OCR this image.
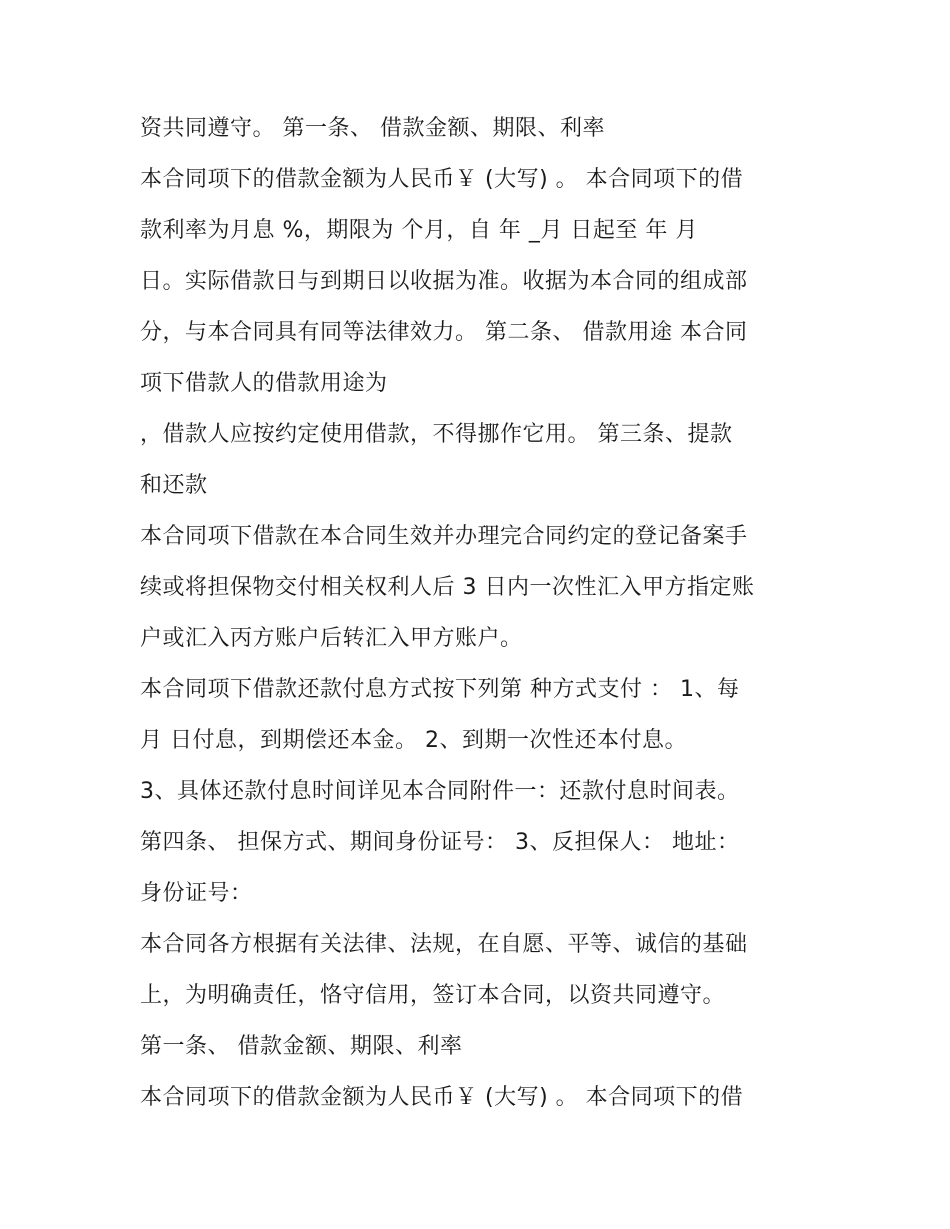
资共同遵守。 第一条、 借款金额、期限、利率
本合同项下的借款金额为人民币￥ (大写) 。 本合同项下的借
款利率为月息 %，期限为 个月，自 年 _月 日起至 年 月
日。实际借款日与到期日以收据为准。收据为本合同的组成部
分，与本合同具有同等法律效力。 第二条、 借款用途 本合同
项下借款人的借款用途为
，借款人应按约定使用借款，不得挪作它用。 第三条、提款
和还款
本合同项下借款在本合同生效并办理完合同约定的登记备案手
续或将担保物交付相关权利人后 3 日内一次性汇入甲方指定账
户或汇入丙方账户后转汇入甲方账户。
本合同项下借款还款付息方式按下列第 种方式支付 ： 1、每
月 日付息，到期偿还本金。 2、到期一次性还本付息。
3、具体还款付息时间详见本合同附件一：还款付息时间表。
第四条、 担保方式、期间身份证号： 3、反担保人： 地址：
身份证号：
本合同各方根据有关法律、法规，在自愿、平等、诚信的基础
上，为明确责任，恪守信用，签订本合同，以资共同遵守。
第一条、 借款金额、期限、利率
本合同项下的借款金额为人民币￥ (大写) 。 本合同项下的借
